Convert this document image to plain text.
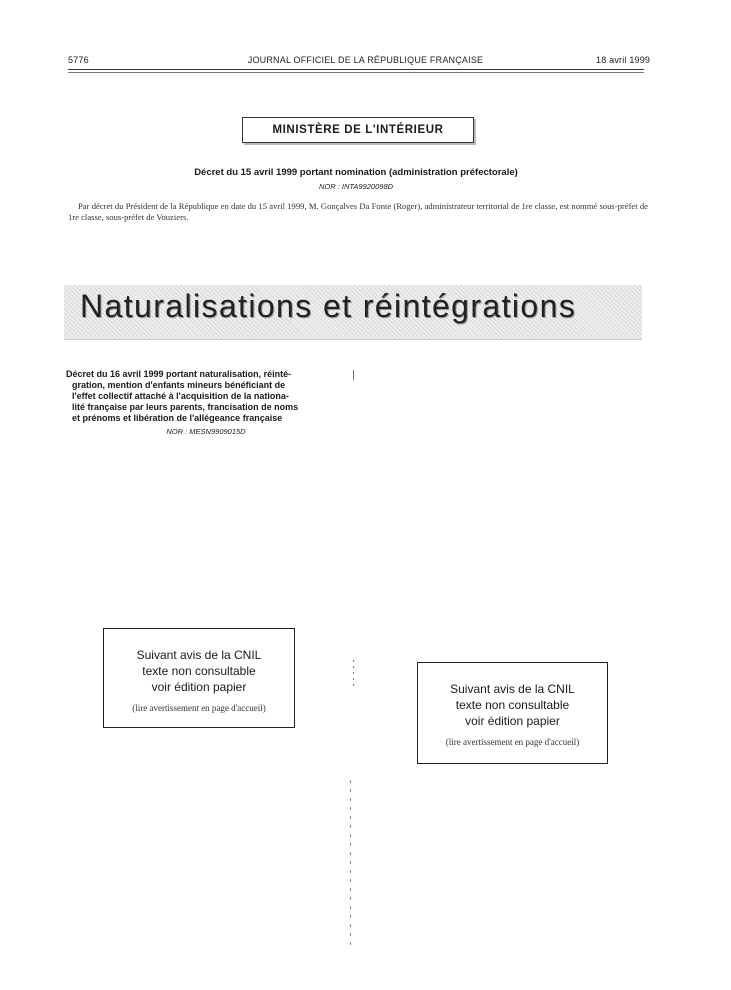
5776	JOURNAL OFFICIEL DE LA RÉPUBLIQUE FRANÇAISE	18 avril 1999
MINISTÈRE DE L'INTÉRIEUR
Décret du 15 avril 1999 portant nomination (administration préfectorale)
NOR : INTA9920098D
Par décret du Président de la République en date du 15 avril 1999, M. Gonçalves Da Fonte (Roger), administrateur territorial de 1re classe, est nommé sous-préfet de 1re classe, sous-préfet de Vouziers.
Naturalisations et réintégrations
Décret du 16 avril 1999 portant naturalisation, réinté-
gration, mention d'enfants mineurs bénéficiant de
l'effet collectif attaché à l'acquisition de la nationa-
lité française par leurs parents, francisation de noms
et prénoms et libération de l'allégeance française
NOR : MESN9909015D
Suivant avis de la CNIL
texte non consultable
voir édition papier
(lire avertissement en page d'accueil)
Suivant avis de la CNIL
texte non consultable
voir édition papier
(lire avertissement en page d'accueil)
